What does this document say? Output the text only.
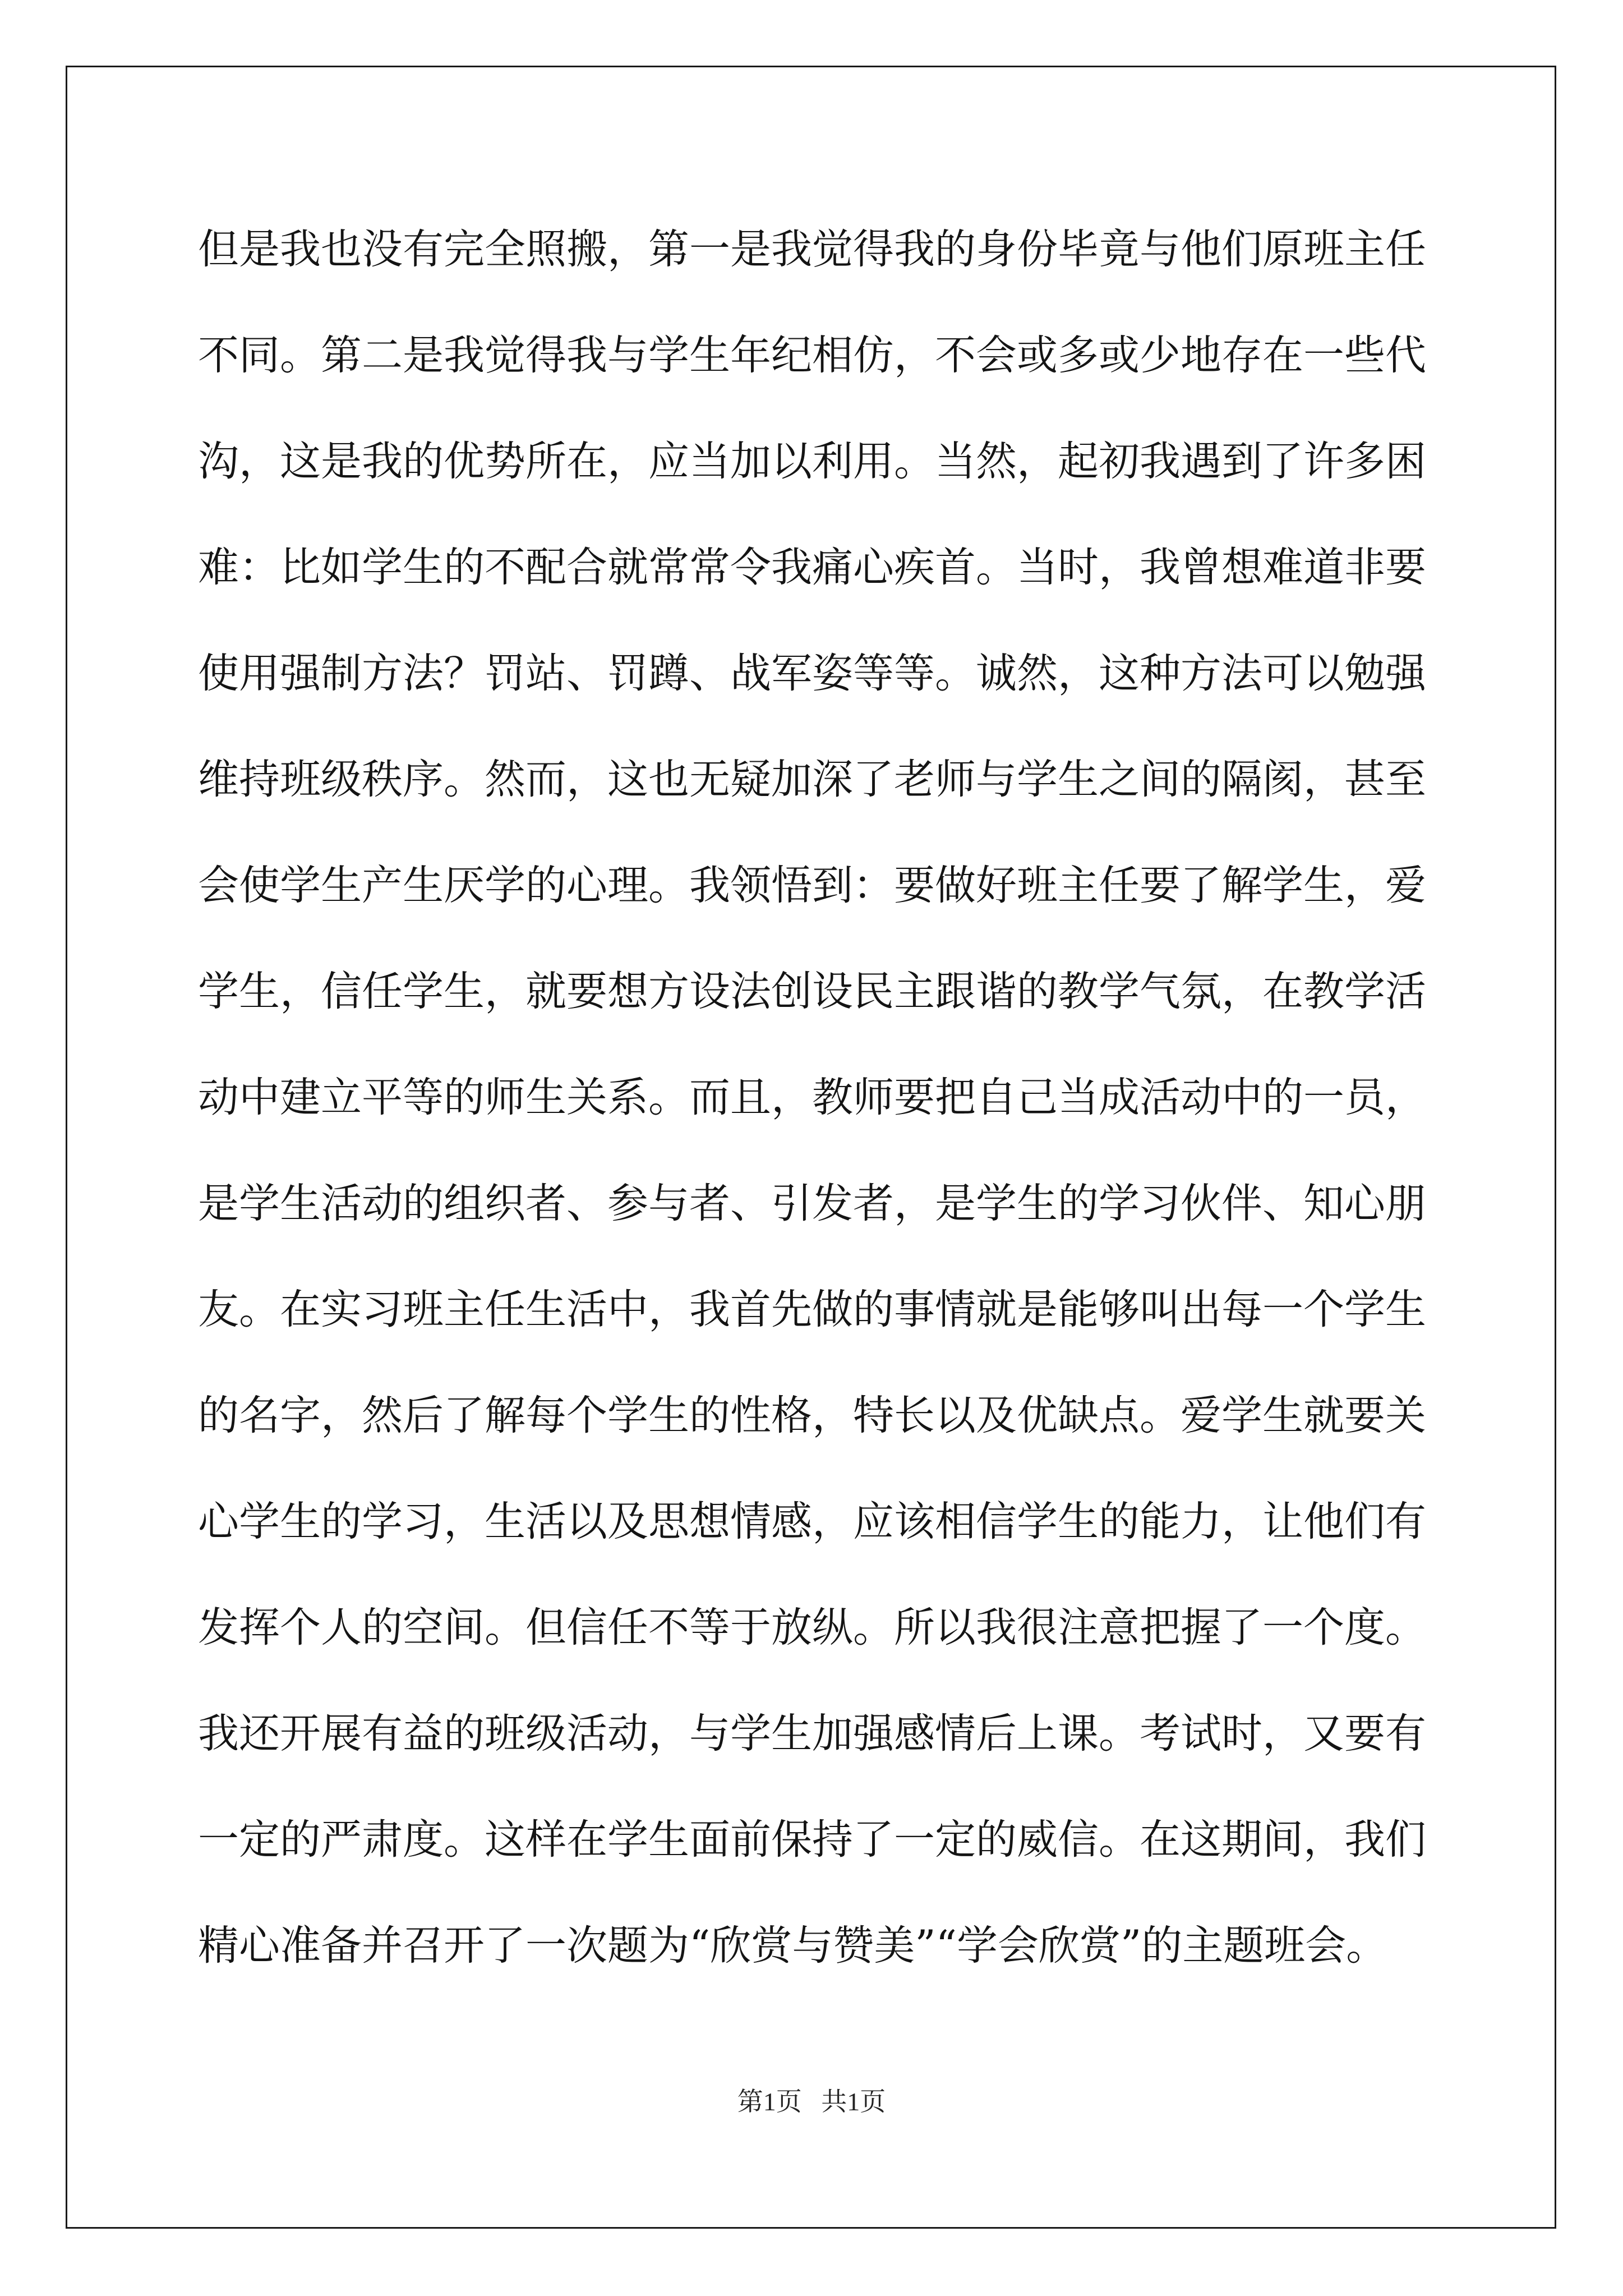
但是我也没有完全照搬，第一是我觉得我的身份毕竟与他们原班主任
不同。第二是我觉得我与学生年纪相仿，不会或多或少地存在一些代
沟，这是我的优势所在，应当加以利用。当然，起初我遇到了许多困
难：比如学生的不配合就常常令我痛心疾首。当时，我曾想难道非要
使用强制方法？罚站、罚蹲、战军姿等等。诚然，这种方法可以勉强
维持班级秩序。然而，这也无疑加深了老师与学生之间的隔阂，甚至
会使学生产生厌学的心理。我领悟到：要做好班主任要了解学生，爱
学生，信任学生，就要想方设法创设民主跟谐的教学气氛，在教学活
动中建立平等的师生关系。而且，教师要把自己当成活动中的一员，
是学生活动的组织者、参与者、引发者，是学生的学习伙伴、知心朋
友。在实习班主任生活中，我首先做的事情就是能够叫出每一个学生
的名字，然后了解每个学生的性格，特长以及优缺点。爱学生就要关
心学生的学习，生活以及思想情感，应该相信学生的能力，让他们有
发挥个人的空间。但信任不等于放纵。所以我很注意把握了一个度。
我还开展有益的班级活动，与学生加强感情后上课。考试时，又要有
一定的严肃度。这样在学生面前保持了一定的威信。在这期间，我们
精心准备并召开了一次题为“欣赏与赞美”“学会欣赏”的主题班会。
第1页   共1页
